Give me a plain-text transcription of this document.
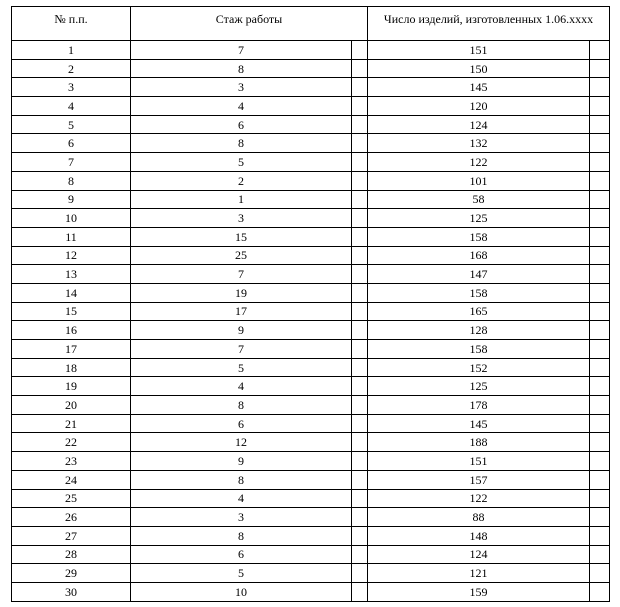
№ п.п.	Стаж работы		Число изделий, изготовленных 1.06.хххх	
1	7		151	
2	8		150	
3	3		145	
4	4		120	
5	6		124	
6	8		132	
7	5		122	
8	2		101	
9	1		58	
10	3		125	
11	15		158	
12	25		168	
13	7		147	
14	19		158	
15	17		165	
16	9		128	
17	7		158	
18	5		152	
19	4		125	
20	8		178	
21	6		145	
22	12		188	
23	9		151	
24	8		157	
25	4		122	
26	3		88	
27	8		148	
28	6		124	
29	5		121	
30	10		159	
